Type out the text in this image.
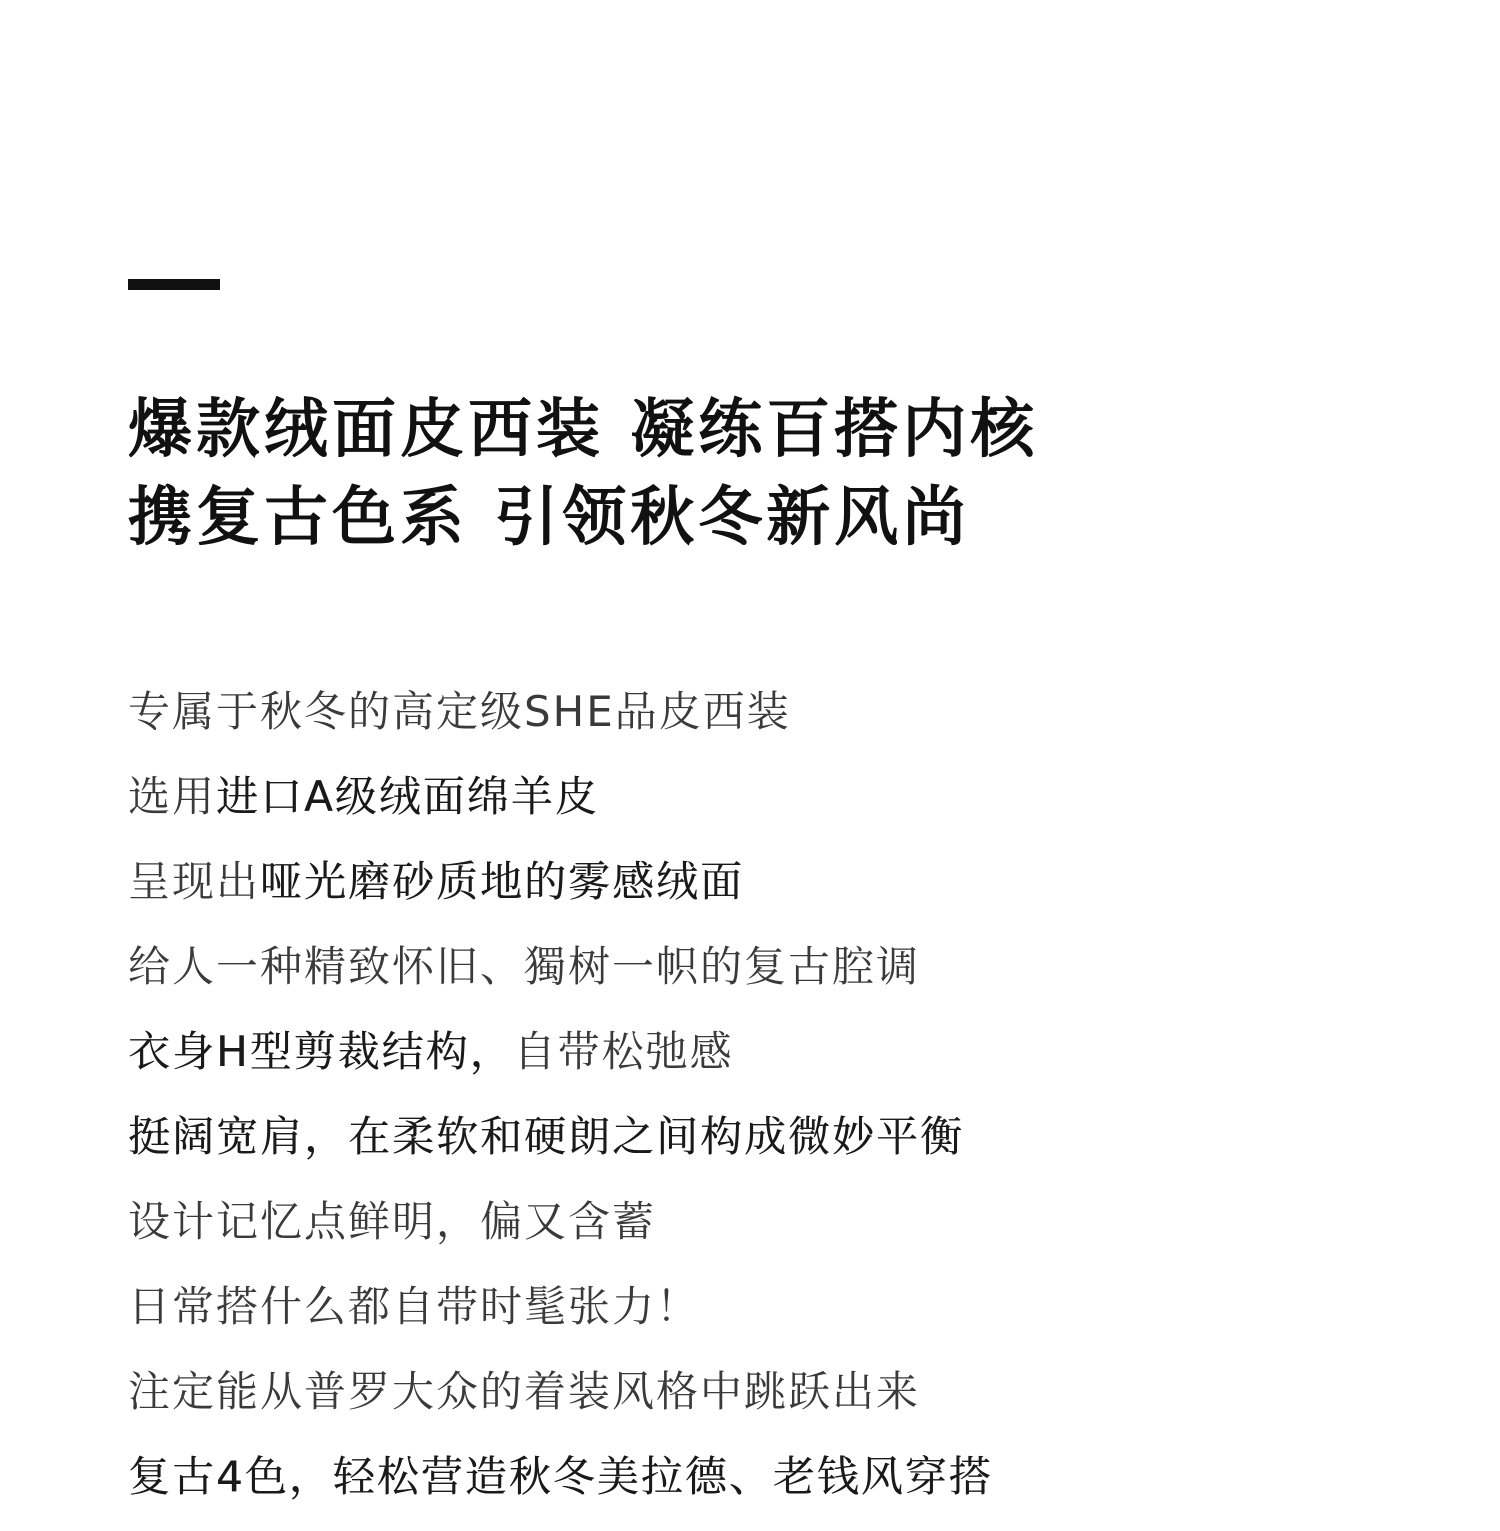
爆款绒面皮西装 凝练百搭内核
携复古色系 引领秋冬新风尚
专属于秋冬的高定级SHE品皮西装
选用进口A级绒面绵羊皮
呈现出哑光磨砂质地的雾感绒面
给人一种精致怀旧、獨树一帜的复古腔调
衣身H型剪裁结构，自带松弛感
挺阔宽肩，在柔软和硬朗之间构成微妙平衡
设计记忆点鲜明，偏又含蓄
日常搭什么都自带时髦张力！
注定能从普罗大众的着装风格中跳跃出来
复古4色，轻松营造秋冬美拉德、老钱风穿搭
